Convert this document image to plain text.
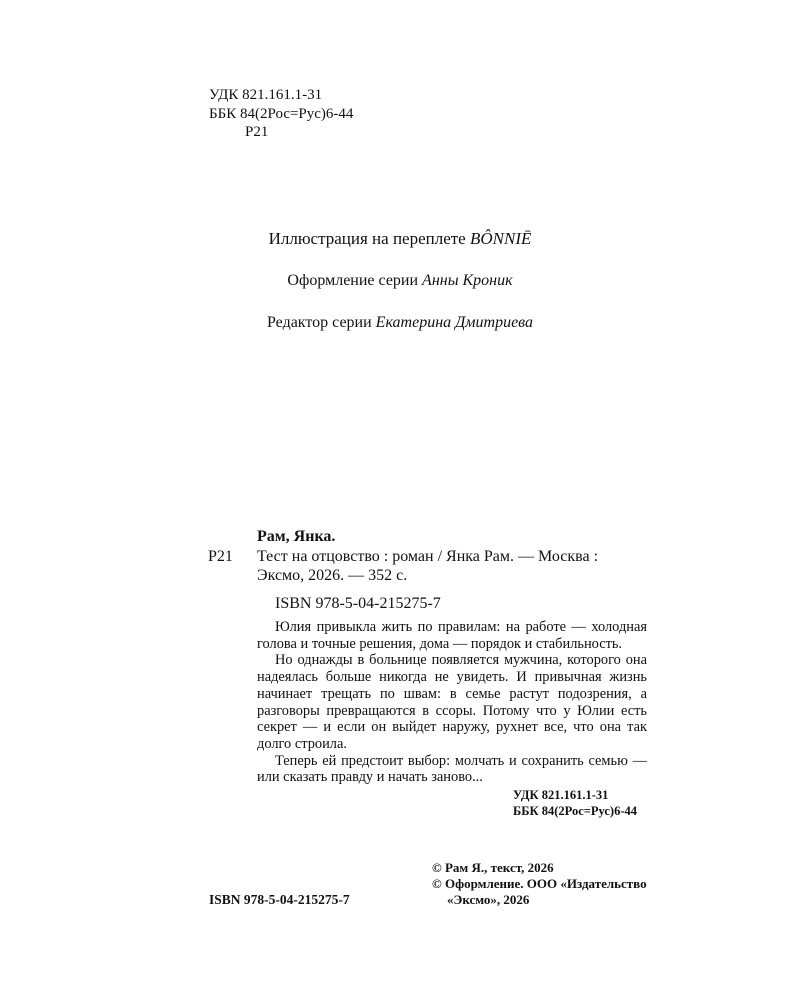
УДК 821.161.1-31
ББК 84(2Рос=Рус)6-44
Р21
Иллюстрация на переплете BÔNNIĒ
Оформление серии Анны Кроник
Редактор серии Екатерина Дмитриева
Рам, Янка.
Р21	Тест на отцовство : роман / Янка Рам. — Москва :
Эксмо, 2026. — 352 с.
ISBN 978-5-04-215275-7

Юлия привыкла жить по правилам: на работе — холодная голова и точные решения, дома — порядок и стабильность.

Но однажды в больнице появляется мужчина, которого она надеялась больше никогда не увидеть. И привычная жизнь начинает трещать по швам: в семье растут подозрения, а разговоры превращаются в ссоры. Потому что у Юлии есть секрет — и если он выйдет наружу, рухнет все, что она так долго строила.

Теперь ей предстоит выбор: молчать и сохранить семью — или сказать правду и начать заново...

УДК 821.161.1-31
ББК 84(2Рос=Рус)6-44
© Рам Я., текст, 2026
© Оформление. ООО «Издательство
«Эксмо», 2026
ISBN 978-5-04-215275-7
